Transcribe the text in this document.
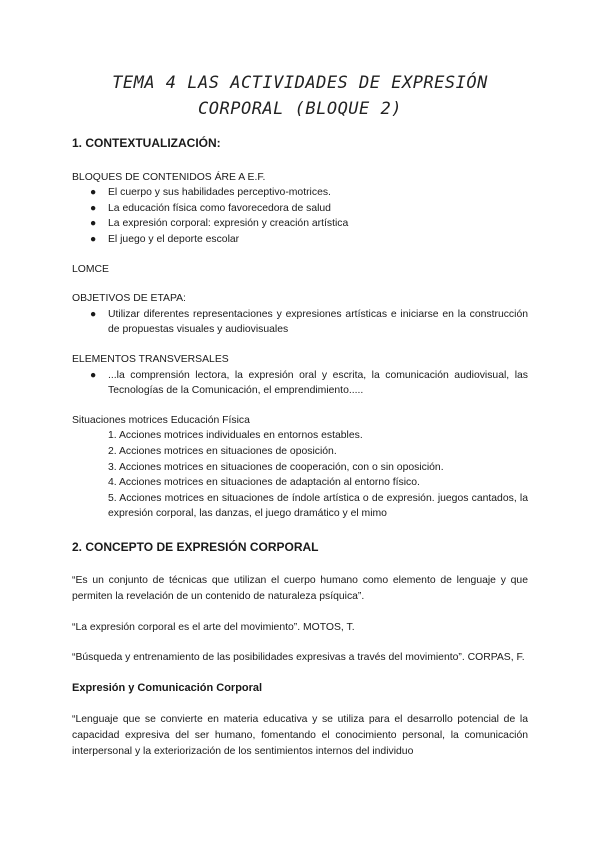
TEMA 4 LAS ACTIVIDADES DE EXPRESIÓN
CORPORAL (BLOQUE 2)
1. CONTEXTUALIZACIÓN:

BLOQUES DE CONTENIDOS ÁRE A E.F.

● El cuerpo y sus habilidades perceptivo-motrices.
● La educación física como favorecedora de salud
● La expresión corporal: expresión y creación artística
● El juego y el deporte escolar

LOMCE

OBJETIVOS DE ETAPA:

● Utilizar diferentes representaciones y expresiones artísticas e iniciarse en la construcción de propuestas visuales y audiovisuales

ELEMENTOS TRANSVERSALES

● ...la comprensión lectora, la expresión oral y escrita, la comunicación audiovisual, las Tecnologías de la Comunicación, el emprendimiento.....

Situaciones motrices Educación Física

1. Acciones motrices individuales en entornos estables.
2. Acciones motrices en situaciones de oposición.
3. Acciones motrices en situaciones de cooperación, con o sin oposición.
4. Acciones motrices en situaciones de adaptación al entorno físico.
5. Acciones motrices en situaciones de índole artística o de expresión. juegos cantados, la expresión corporal, las danzas, el juego dramático y el mimo
2. CONCEPTO DE EXPRESIÓN CORPORAL

“Es un conjunto de técnicas que utilizan el cuerpo humano como elemento de lenguaje y que permiten la revelación de un contenido de naturaleza psíquica”.

“La expresión corporal es el arte del movimiento”. MOTOS, T.

“Búsqueda y entrenamiento de las posibilidades expresivas a través del movimiento”. CORPAS, F.

Expresión y Comunicación Corporal

“Lenguaje que se convierte en materia educativa y se utiliza para el desarrollo potencial de la capacidad expresiva del ser humano, fomentando el conocimiento personal, la comunicación interpersonal y la exteriorización de los sentimientos internos del individuo
